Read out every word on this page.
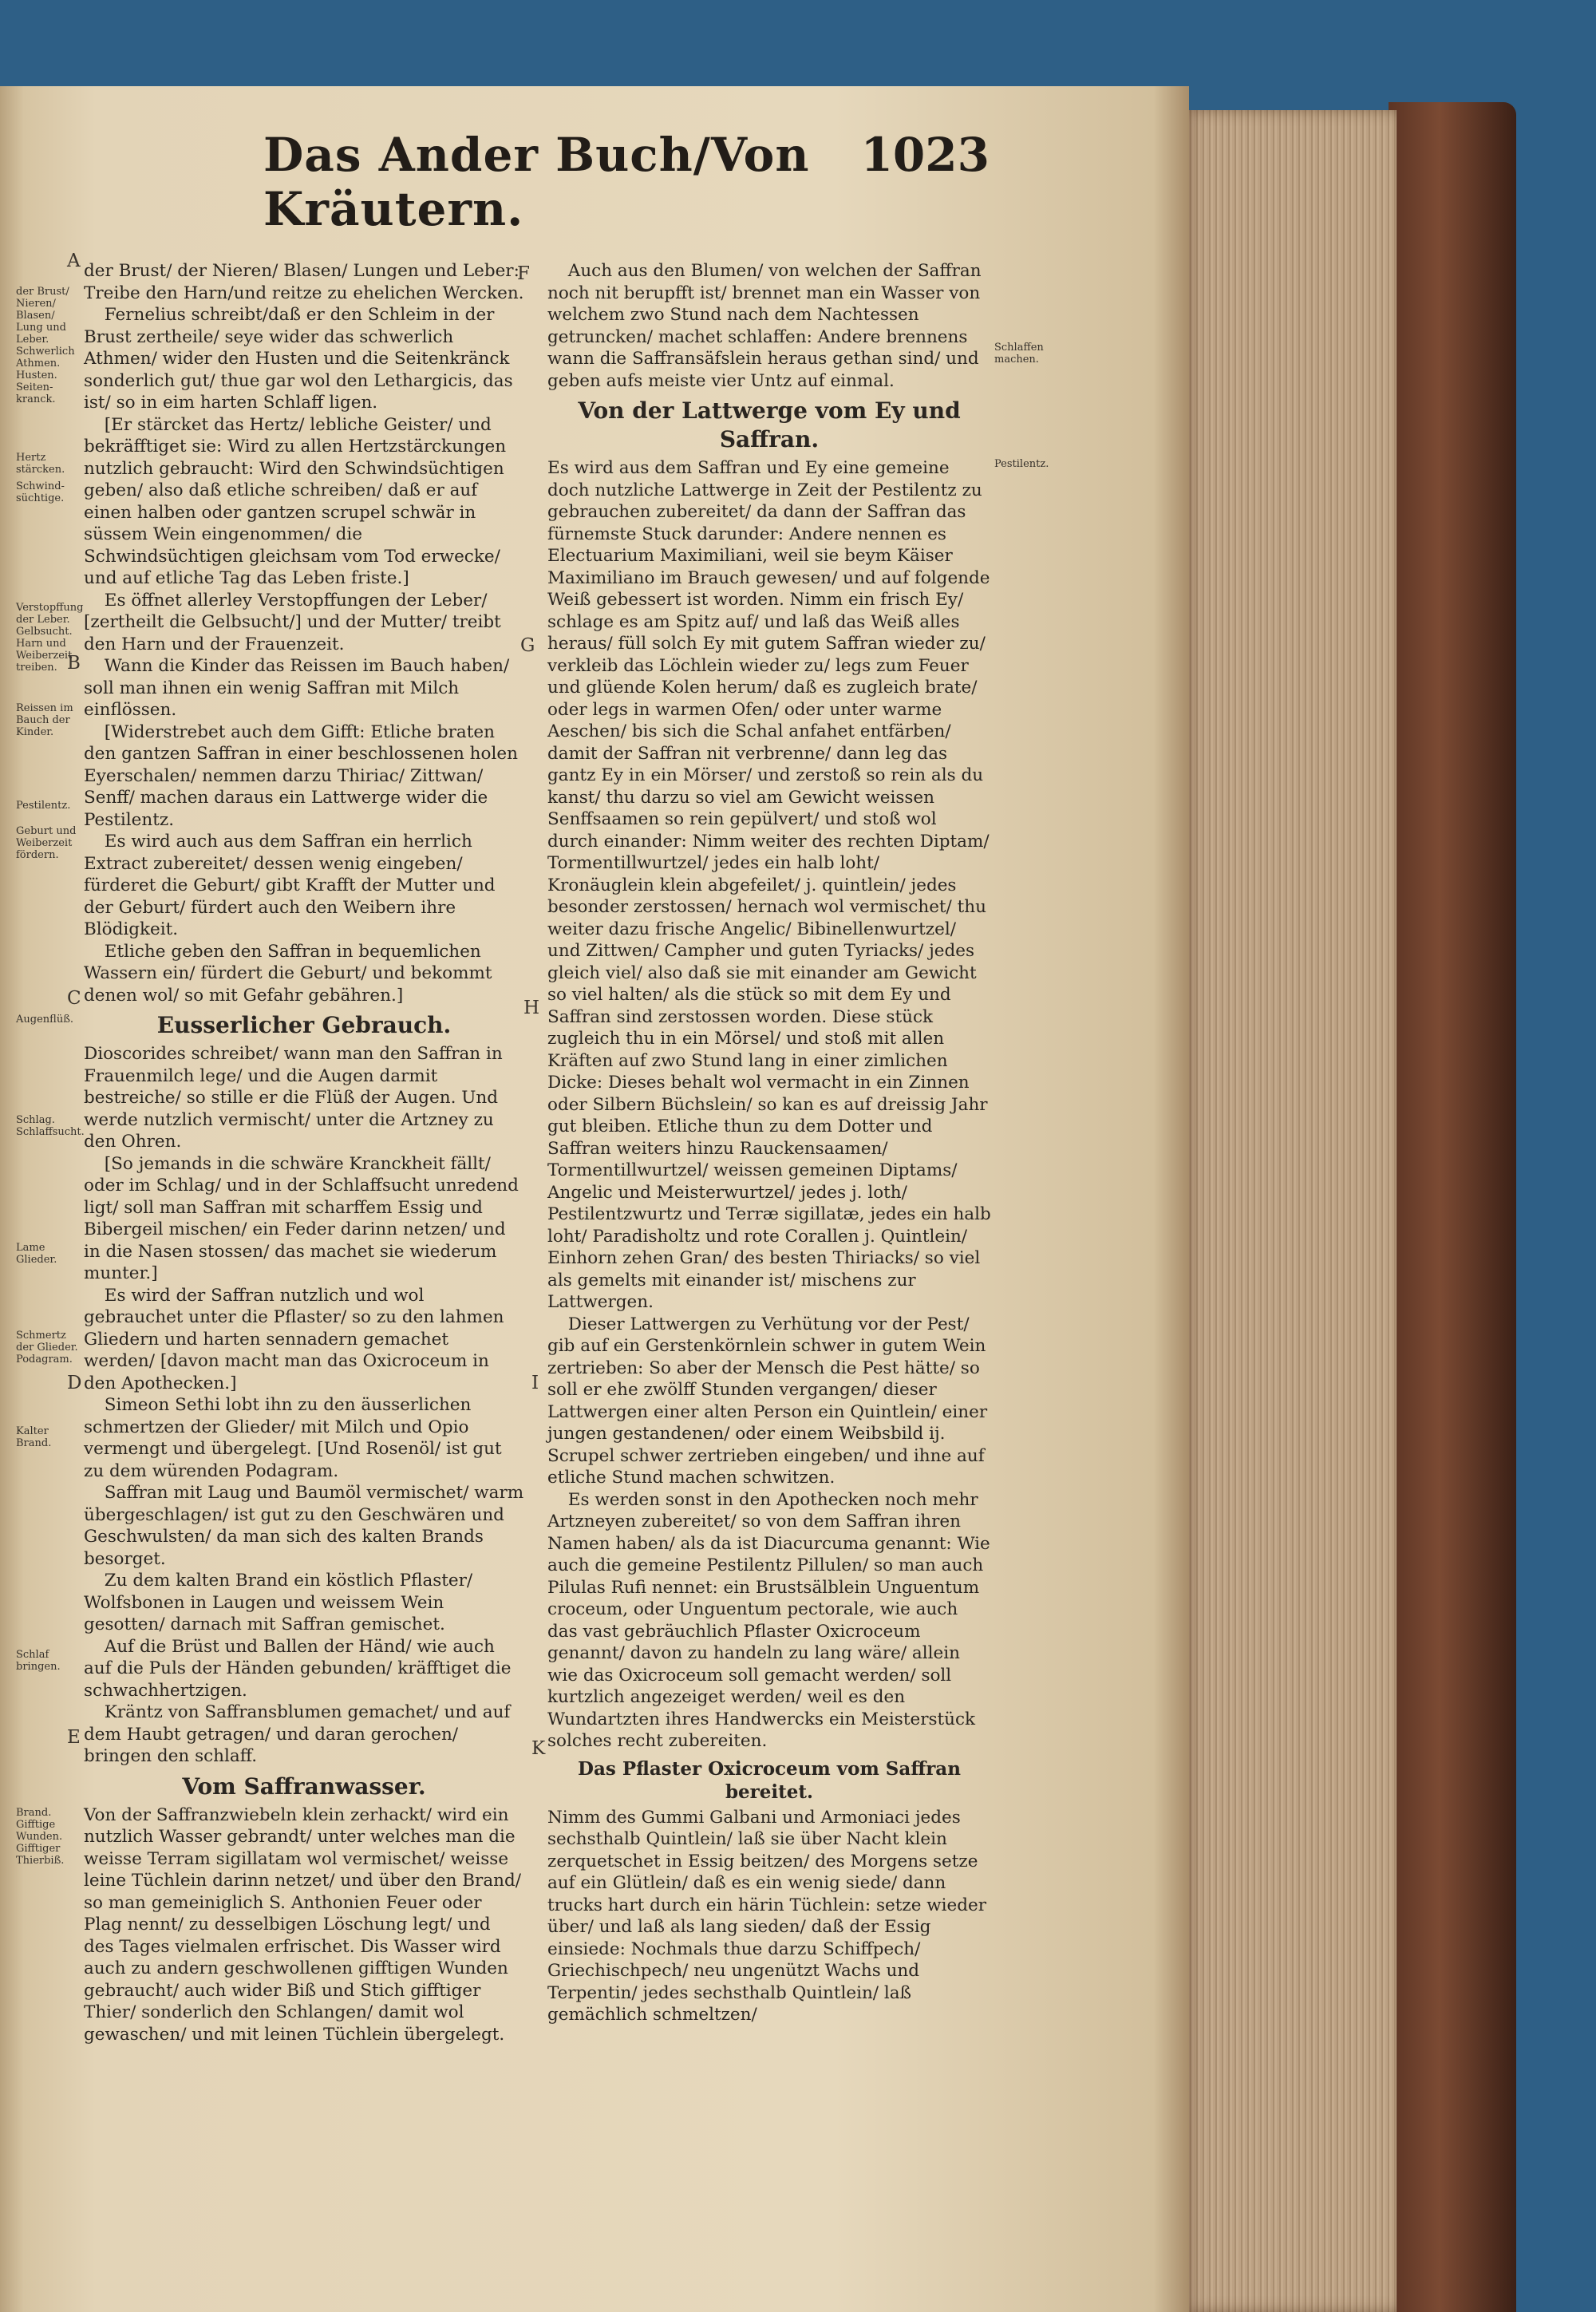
Das Ander Buch/Von Kräutern.
1023
A
B
C
D
E
F
G
H
I
K
der Brust/ Nieren/ Blasen/ Lung und Leber. Schwerlich Athmen. Husten. Seiten-kranck.
Hertz stärcken.
Schwind-süchtige.
Verstopffung der Leber. Gelbsucht. Harn und Weiberzeit treiben.
Reissen im Bauch der Kinder.
Pestilentz.
Geburt und Weiberzeit fördern.
Augenflüß.
Schlag. Schlaffsucht.
Lame Glieder.
Schmertz der Glieder. Podagram.
Kalter Brand.
Schlaf bringen.
Brand. Gifftige Wunden. Gifftiger Thierbiß.
Schlaffen machen.
Pestilentz.

der Brust/ der Nieren/ Blasen/ Lungen und Leber: Treibe den Harn/und reitze zu ehelichen Wercken.

Fernelius schreibt/daß er den Schleim in der Brust zertheile/ seye wider das schwerlich Athmen/ wider den Husten und die Seitenkränck sonderlich gut/ thue gar wol den Lethargicis, das ist/ so in eim harten Schlaff ligen.

[Er stärcket das Hertz/ lebliche Geister/ und bekräfftiget sie: Wird zu allen Hertzstärckungen nutzlich gebraucht: Wird den Schwindsüchtigen geben/ also daß etliche schreiben/ daß er auf einen halben oder gantzen scrupel schwär in süssem Wein eingenommen/ die Schwindsüchtigen gleichsam vom Tod erwecke/ und auf etliche Tag das Leben friste.]

Es öffnet allerley Verstopffungen der Leber/ [zertheilt die Gelbsucht/] und der Mutter/ treibt den Harn und der Frauenzeit.

Wann die Kinder das Reissen im Bauch haben/ soll man ihnen ein wenig Saffran mit Milch einflössen.

[Widerstrebet auch dem Gifft: Etliche braten den gantzen Saffran in einer beschlossenen holen Eyerschalen/ nemmen darzu Thiriac/ Zittwan/ Senff/ machen daraus ein Lattwerge wider die Pestilentz.

Es wird auch aus dem Saffran ein herrlich Extract zubereitet/ dessen wenig eingeben/ fürderet die Geburt/ gibt Krafft der Mutter und der Geburt/ fürdert auch den Weibern ihre Blödigkeit.

Etliche geben den Saffran in bequemlichen Wassern ein/ fürdert die Geburt/ und bekommt denen wol/ so mit Gefahr gebähren.]

Eusserlicher Gebrauch.

Dioscorides schreibet/ wann man den Saffran in Frauenmilch lege/ und die Augen darmit bestreiche/ so stille er die Flüß der Augen. Und werde nutzlich vermischt/ unter die Artzney zu den Ohren.

[So jemands in die schwäre Kranckheit fällt/ oder im Schlag/ und in der Schlaffsucht unredend ligt/ soll man Saffran mit scharffem Essig und Bibergeil mischen/ ein Feder darinn netzen/ und in die Nasen stossen/ das machet sie wiederum munter.]

Es wird der Saffran nutzlich und wol gebrauchet unter die Pflaster/ so zu den lahmen Gliedern und harten sennadern gemachet werden/ [davon macht man das Oxicroceum in den Apothecken.]

Simeon Sethi lobt ihn zu den äusserlichen schmertzen der Glieder/ mit Milch und Opio vermengt und übergelegt. [Und Rosenöl/ ist gut zu dem würenden Podagram.

Saffran mit Laug und Baumöl vermischet/ warm übergeschlagen/ ist gut zu den Geschwären und Geschwulsten/ da man sich des kalten Brands besorget.

Zu dem kalten Brand ein köstlich Pflaster/ Wolfsbonen in Laugen und weissem Wein gesotten/ darnach mit Saffran gemischet.

Auf die Brüst und Ballen der Händ/ wie auch auf die Puls der Händen gebunden/ kräfftiget die schwachhertzigen.

Kräntz von Saffransblumen gemachet/ und auf dem Haubt getragen/ und daran gerochen/ bringen den schlaff.

Vom Saffranwasser.

Von der Saffranzwiebeln klein zerhackt/ wird ein nutzlich Wasser gebrandt/ unter welches man die weisse Terram sigillatam wol vermischet/ weisse leine Tüchlein darinn netzet/ und über den Brand/ so man gemeiniglich S. Anthonien Feuer oder Plag nennt/ zu desselbigen Löschung legt/ und des Tages vielmalen erfrischet. Dis Wasser wird auch zu andern geschwollenen gifftigen Wunden gebraucht/ auch wider Biß und Stich gifftiger Thier/ sonderlich den Schlangen/ damit wol gewaschen/ und mit leinen Tüchlein übergelegt.

Auch aus den Blumen/ von welchen der Saffran noch nit berupfft ist/ brennet man ein Wasser von welchem zwo Stund nach dem Nachtessen getruncken/ machet schlaffen: Andere brennens wann die Saffransäfslein heraus gethan sind/ und geben aufs meiste vier Untz auf einmal.

Von der Lattwerge vom Ey und Saffran.

Es wird aus dem Saffran und Ey eine gemeine doch nutzliche Lattwerge in Zeit der Pestilentz zu gebrauchen zubereitet/ da dann der Saffran das fürnemste Stuck darunder: Andere nennen es Electuarium Maximiliani, weil sie beym Käiser Maximiliano im Brauch gewesen/ und auf folgende Weiß gebessert ist worden. Nimm ein frisch Ey/ schlage es am Spitz auf/ und laß das Weiß alles heraus/ füll solch Ey mit gutem Saffran wieder zu/ verkleib das Löchlein wieder zu/ legs zum Feuer und glüende Kolen herum/ daß es zugleich brate/ oder legs in warmen Ofen/ oder unter warme Aeschen/ bis sich die Schal anfahet entfärben/ damit der Saffran nit verbrenne/ dann leg das gantz Ey in ein Mörser/ und zerstoß so rein als du kanst/ thu darzu so viel am Gewicht weissen Senffsaamen so rein gepülvert/ und stoß wol durch einander: Nimm weiter des rechten Diptam/ Tormentillwurtzel/ jedes ein halb loht/ Kronäuglein klein abgefeilet/ j. quintlein/ jedes besonder zerstossen/ hernach wol vermischet/ thu weiter dazu frische Angelic/ Bibinellenwurtzel/ und Zittwen/ Campher und guten Tyriacks/ jedes gleich viel/ also daß sie mit einander am Gewicht so viel halten/ als die stück so mit dem Ey und Saffran sind zerstossen worden. Diese stück zugleich thu in ein Mörsel/ und stoß mit allen Kräften auf zwo Stund lang in einer zimlichen Dicke: Dieses behalt wol vermacht in ein Zinnen oder Silbern Büchslein/ so kan es auf dreissig Jahr gut bleiben. Etliche thun zu dem Dotter und Saffran weiters hinzu Rauckensaamen/ Tormentillwurtzel/ weissen gemeinen Diptams/ Angelic und Meisterwurtzel/ jedes j. loth/ Pestilentzwurtz und Terræ sigillatæ, jedes ein halb loht/ Paradisholtz und rote Corallen j. Quintlein/ Einhorn zehen Gran/ des besten Thiriacks/ so viel als gemelts mit einander ist/ mischens zur Lattwergen.

Dieser Lattwergen zu Verhütung vor der Pest/ gib auf ein Gerstenkörnlein schwer in gutem Wein zertrieben: So aber der Mensch die Pest hätte/ so soll er ehe zwölff Stunden vergangen/ dieser Lattwergen einer alten Person ein Quintlein/ einer jungen gestandenen/ oder einem Weibsbild ij. Scrupel schwer zertrieben eingeben/ und ihne auf etliche Stund machen schwitzen.

Es werden sonst in den Apothecken noch mehr Artzneyen zubereitet/ so von dem Saffran ihren Namen haben/ als da ist Diacurcuma genannt: Wie auch die gemeine Pestilentz Pillulen/ so man auch Pilulas Rufi nennet: ein Brustsälblein Unguentum croceum, oder Unguentum pectorale, wie auch das vast gebräuchlich Pflaster Oxicroceum genannt/ davon zu handeln zu lang wäre/ allein wie das Oxicroceum soll gemacht werden/ soll kurtzlich angezeiget werden/ weil es den Wundartzten ihres Handwercks ein Meisterstück solches recht zubereiten.

Das Pflaster Oxicroceum vom Saffran bereitet.

Nimm des Gummi Galbani und Armoniaci jedes sechsthalb Quintlein/ laß sie über Nacht klein zerquetschet in Essig beitzen/ des Morgens setze auf ein Glütlein/ daß es ein wenig siede/ dann trucks hart durch ein härin Tüchlein: setze wieder über/ und laß als lang sieden/ daß der Essig einsiede: Nochmals thue darzu Schiffpech/ Griechischpech/ neu ungenützt Wachs und Terpentin/ jedes sechsthalb Quintlein/ laß gemächlich schmeltzen/
